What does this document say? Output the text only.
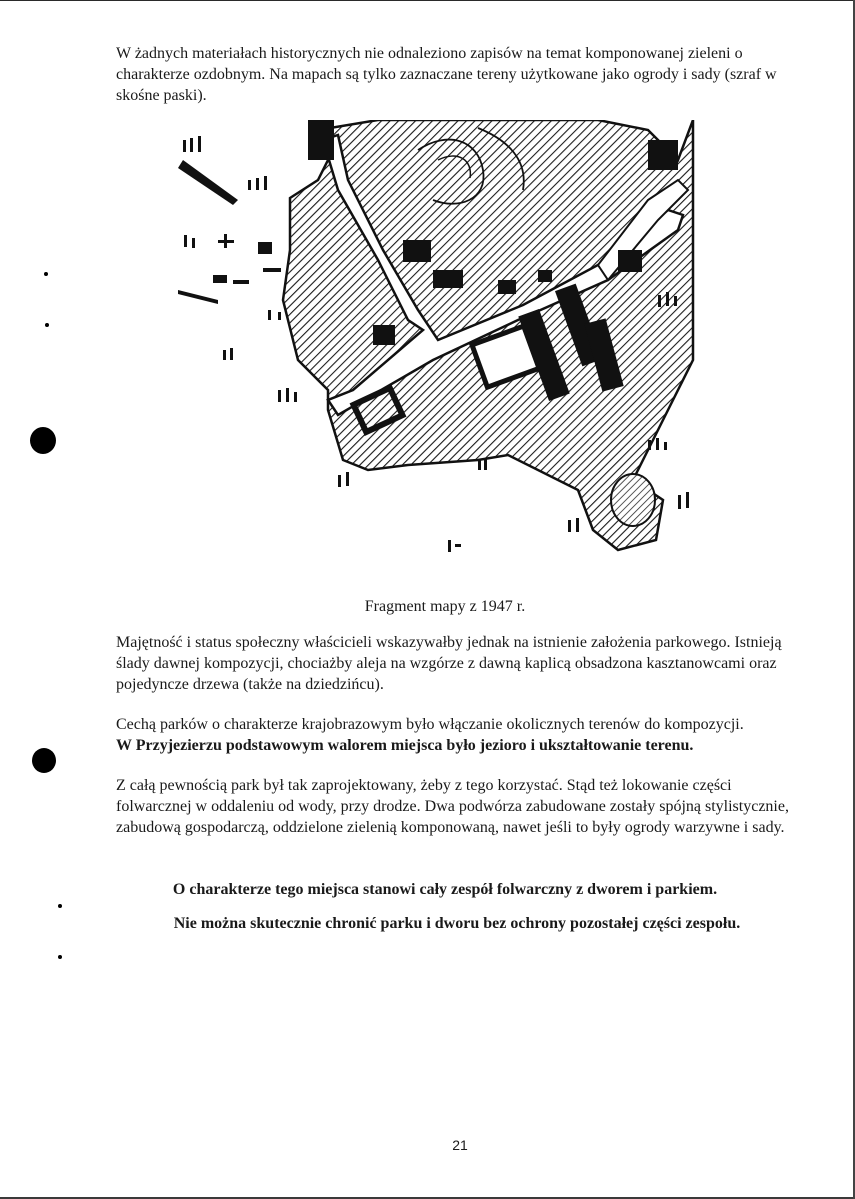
W żadnych materiałach historycznych nie odnaleziono zapisów na temat komponowanej zieleni o charakterze ozdobnym. Na mapach są tylko zaznaczane tereny użytkowane jako ogrody i sady (szraf w skośne paski).

Fragment mapy z 1947 r.

Majętność i status społeczny właścicieli wskazywałby jednak na istnienie założenia parkowego. Istnieją ślady dawnej kompozycji, chociażby aleja na wzgórze z dawną kaplicą obsadzona kasztanowcami oraz pojedyncze drzewa (także na dziedzińcu).

Cechą parków o charakterze krajobrazowym było włączanie okolicznych terenów do kompozycji.
W Przyjezierzu podstawowym walorem miejsca było jezioro i ukształtowanie terenu.

Z całą pewnością park był tak zaprojektowany, żeby z tego korzystać. Stąd też lokowanie części folwarcznej w oddaleniu od wody, przy drodze. Dwa podwórza zabudowane zostały spójną stylistycznie, zabudową gospodarczą, oddzielone zielenią komponowaną, nawet jeśli to były ogrody warzywne i sady.

O charakterze tego miejsca stanowi cały zespół folwarczny z dworem i parkiem.

Nie można skutecznie chronić parku i dworu bez ochrony pozostałej części zespołu.

21
